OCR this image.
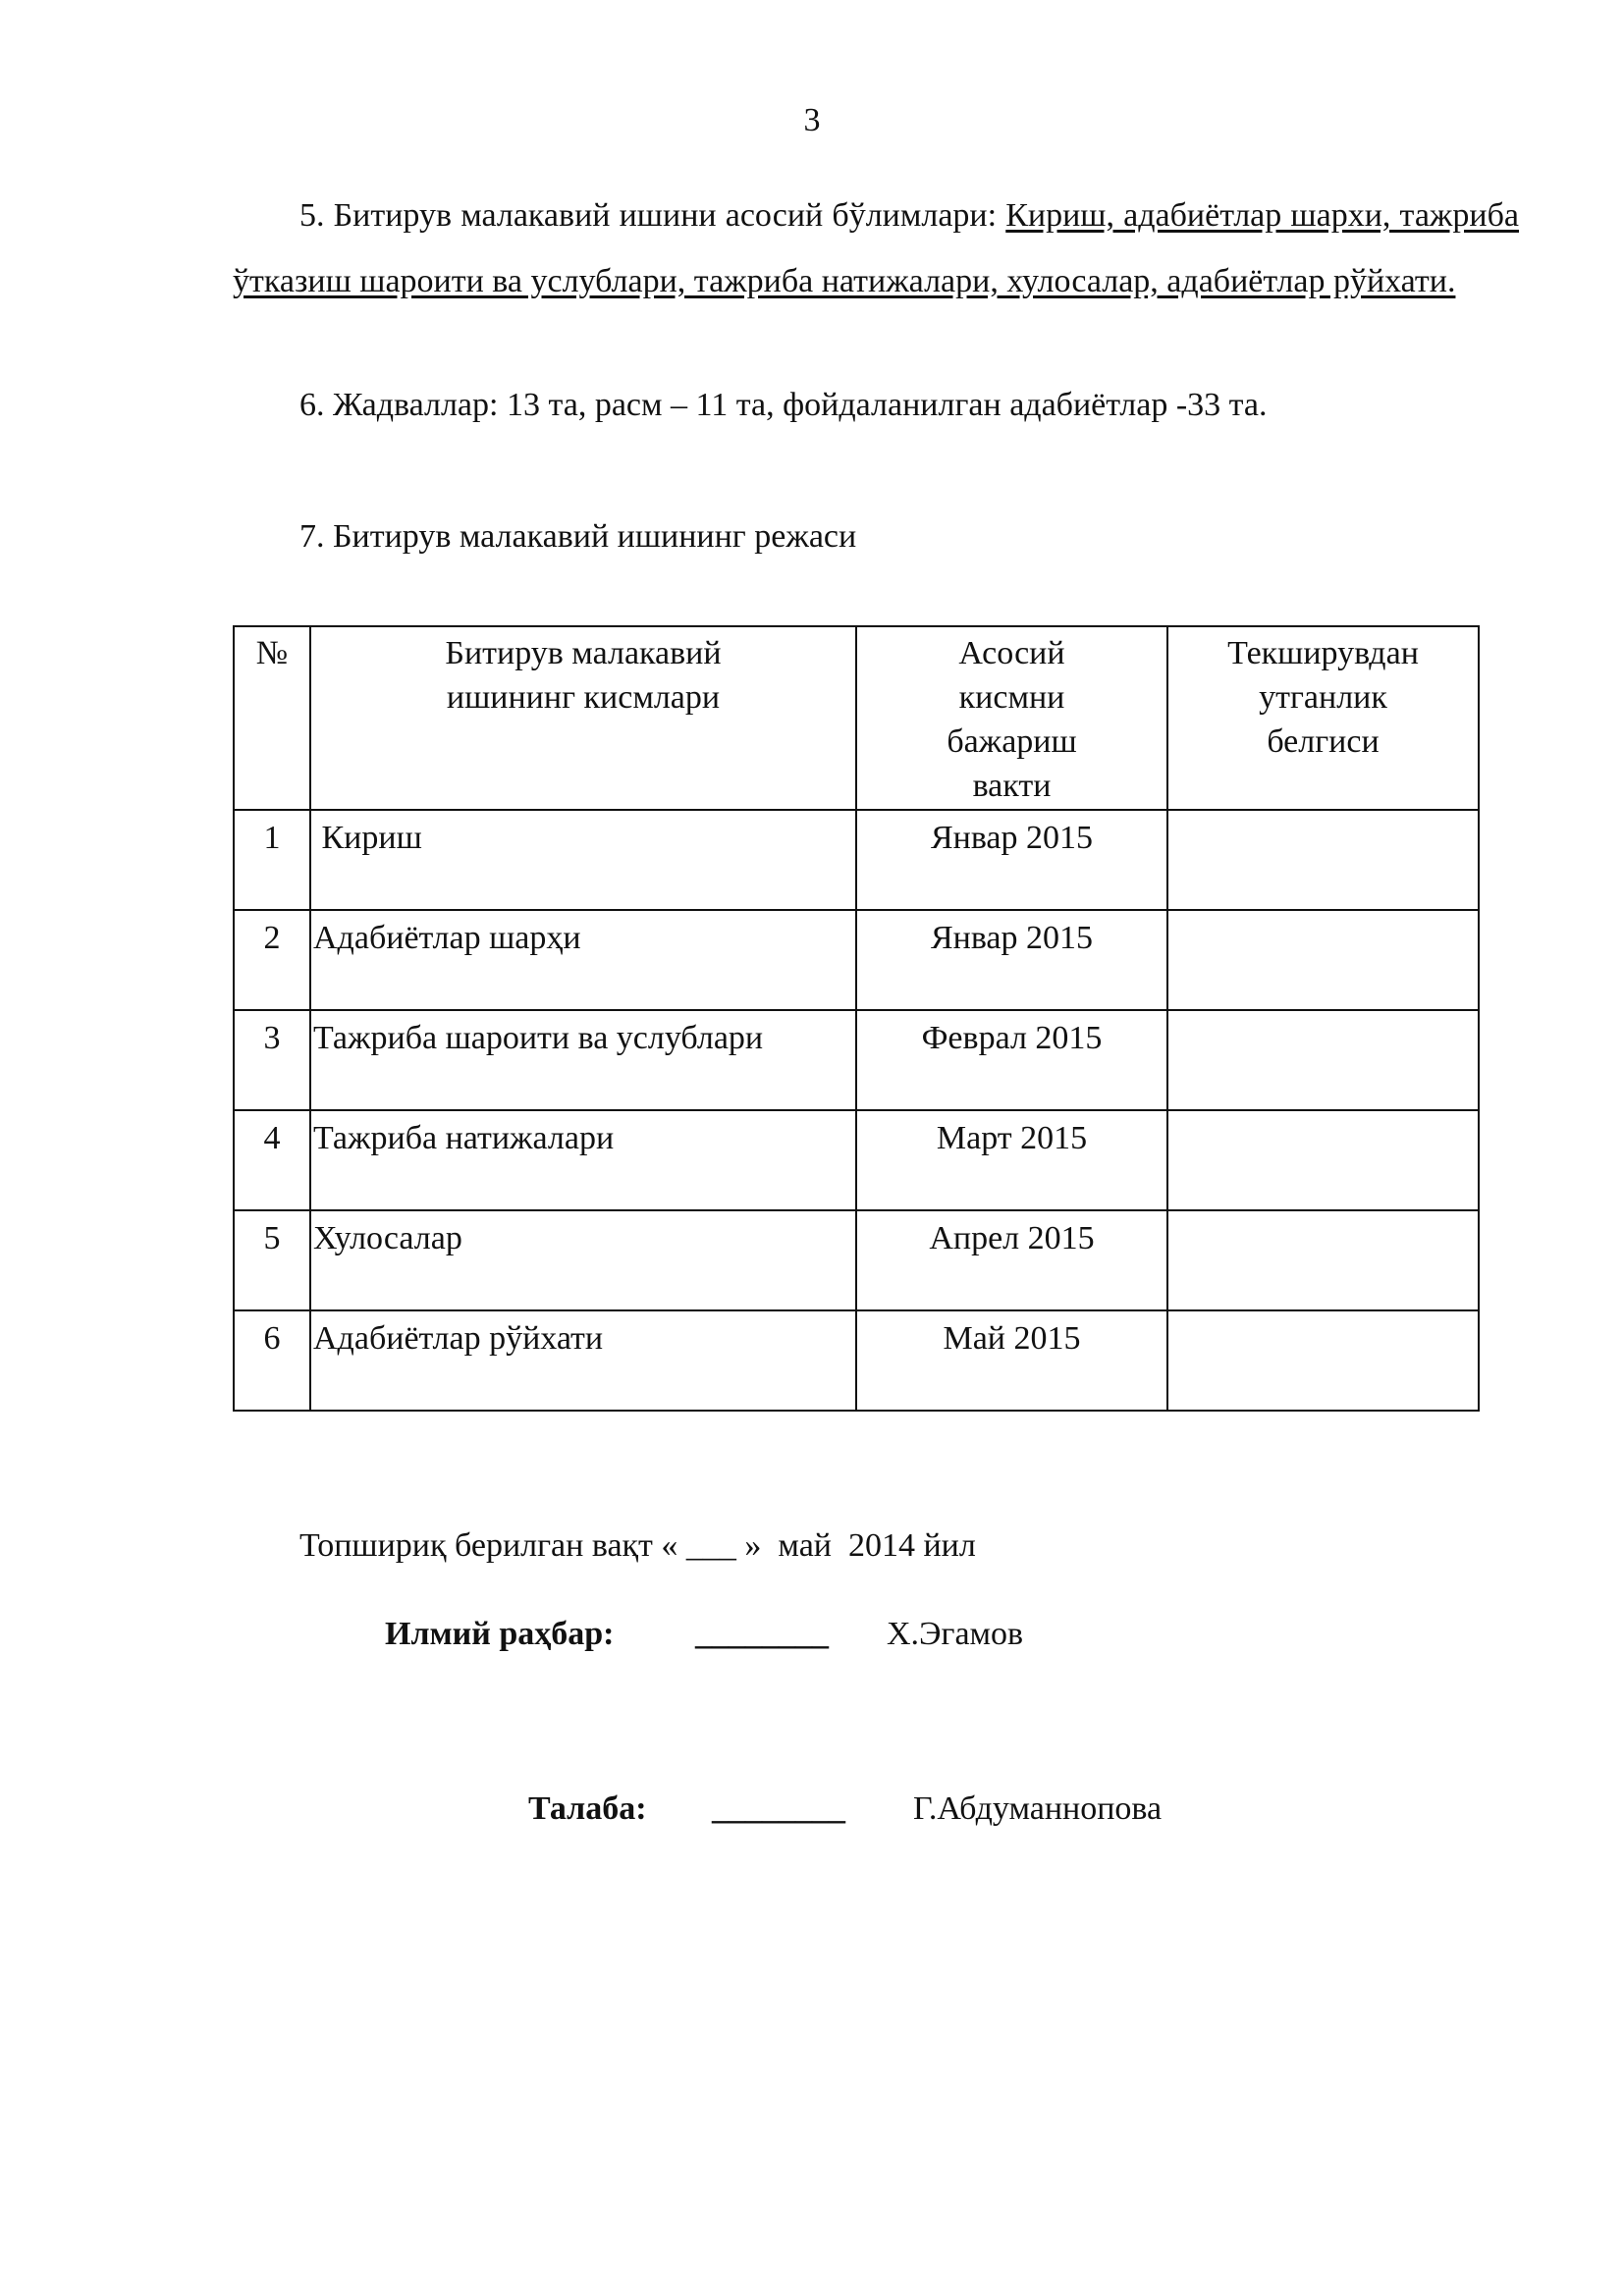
3
5. Битирув малакавий ишини асосий бўлимлари: Кириш, адабиётлар шархи, тажриба ўтказиш шароити ва услублари, тажриба натижалари, хулосалар, адабиётлар рўйхати.
6. Жадваллар: 13 та, расм – 11 та, фойдаланилган адабиётлар -33 та.
7. Битирув малакавий ишининг режаси
№	Битирув малакавий ишининг кисмлари	Асосий кисмни бажариш вакти	Текширувдан утганлик белгиси

1	Кириш	Январ 2015	
2	Адабиётлар шарҳи	Январ 2015	
3	Тажриба шароити ва услублари	Феврал 2015	
4	Тажриба натижалари	Март 2015	
5	Хулосалар	Апрел 2015	
6	Адабиётлар рўйхати	Май 2015	
Топшириқ берилган вақт « ___ »  май  2014 йил
Илмий раҳбар: ________ Х.Эгамов
Талаба: ________ Г.Абдуманнопова
